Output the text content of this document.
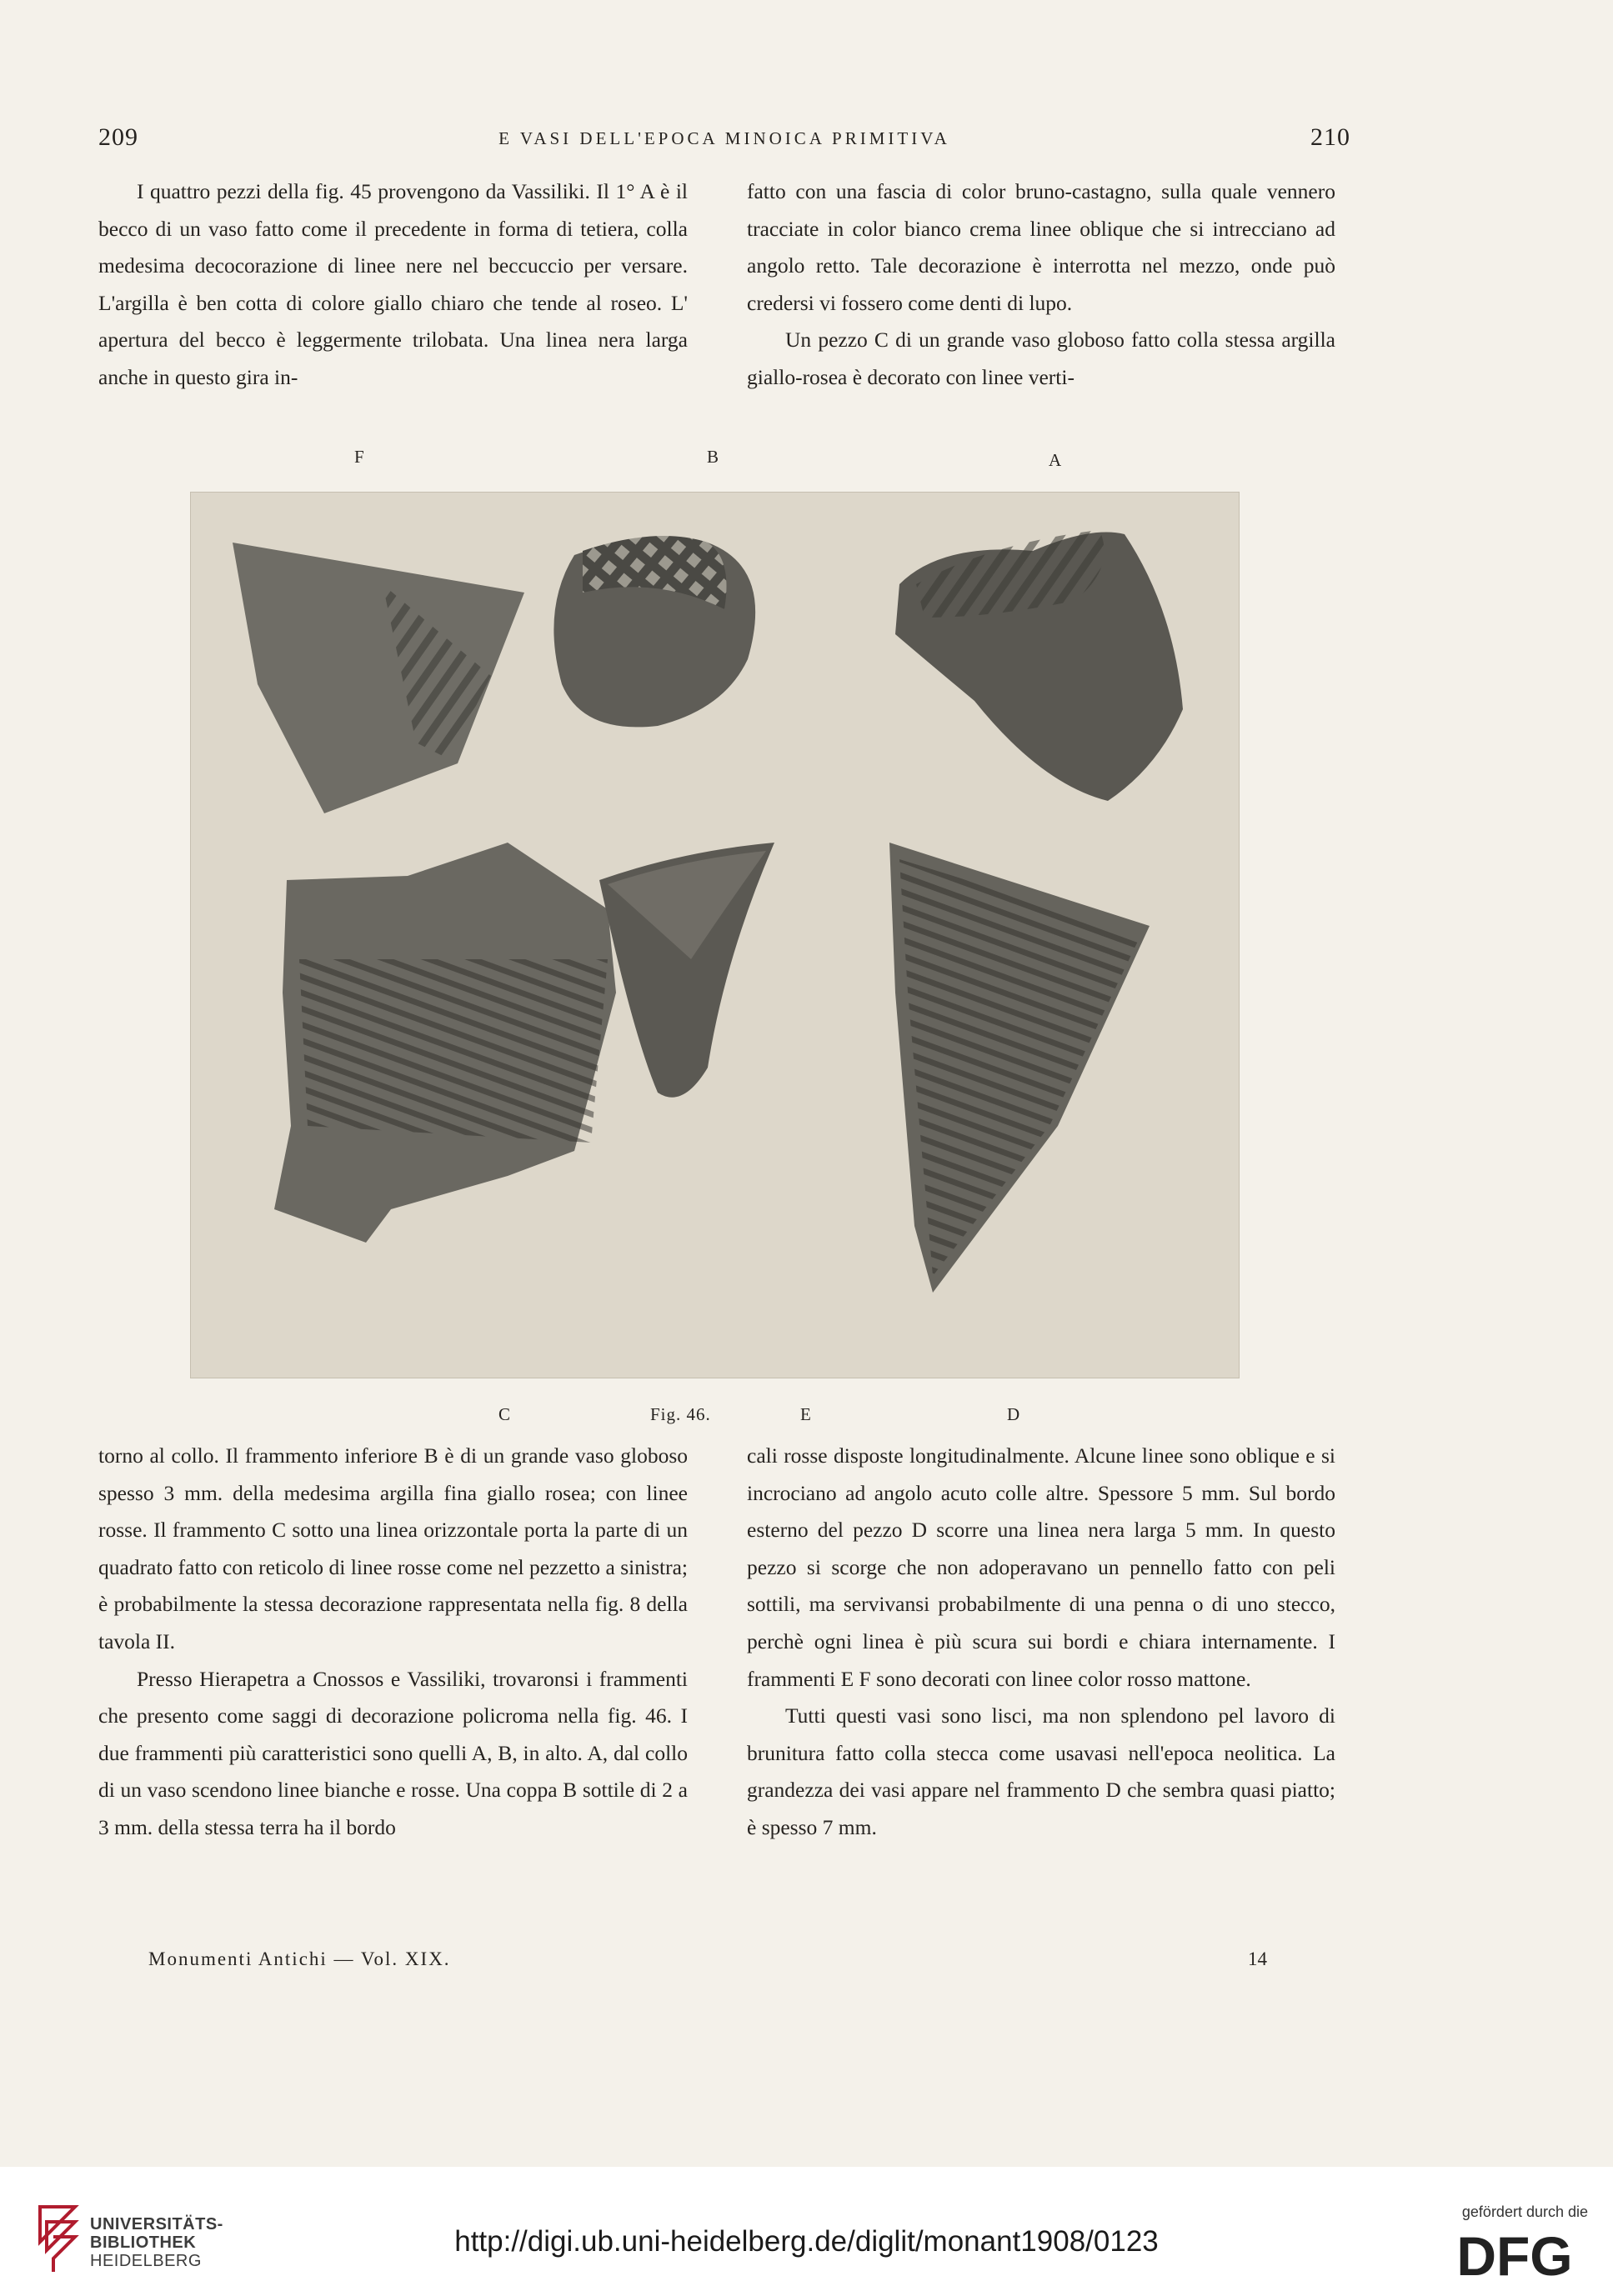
209	E VASI DELL'EPOCA MINOICA PRIMITIVA	210

I quattro pezzi della fig. 45 provengono da Vassiliki. Il 1° A è il becco di un vaso fatto come il precedente in forma di tetiera, colla medesima decocorazione di linee nere nel beccuccio per versare. L'argilla è ben cotta di colore giallo chiaro che tende al roseo. L' apertura del becco è leggermente trilobata. Una linea nera larga anche in questo gira in-

fatto con una fascia di color bruno-castagno, sulla quale vennero tracciate in color bianco crema linee oblique che si intrecciano ad angolo retto. Tale decorazione è interrotta nel mezzo, onde può credersi vi fossero come denti di lupo.

Un pezzo C di un grande vaso globoso fatto colla stessa argilla giallo-rosea è decorato con linee verti-

F	B	A
C	Fig. 46.	E	D

torno al collo. Il frammento inferiore B è di un grande vaso globoso spesso 3 mm. della medesima argilla fina giallo rosea; con linee rosse. Il frammento C sotto una linea orizzontale porta la parte di un quadrato fatto con reticolo di linee rosse come nel pezzetto a sinistra; è probabilmente la stessa decorazione rappresentata nella fig. 8 della tavola II.

Presso Hierapetra a Cnossos e Vassiliki, trovaronsi i frammenti che presento come saggi di decorazione policroma nella fig. 46. I due frammenti più caratteristici sono quelli A, B, in alto. A, dal collo di un vaso scendono linee bianche e rosse. Una coppa B sottile di 2 a 3 mm. della stessa terra ha il bordo

cali rosse disposte longitudinalmente. Alcune linee sono oblique e si incrociano ad angolo acuto colle altre. Spessore 5 mm. Sul bordo esterno del pezzo D scorre una linea nera larga 5 mm. In questo pezzo si scorge che non adoperavano un pennello fatto con peli sottili, ma servivansi probabilmente di una penna o di uno stecco, perchè ogni linea è più scura sui bordi e chiara internamente. I frammenti E F sono decorati con linee color rosso mattone.

Tutti questi vasi sono lisci, ma non splendono pel lavoro di brunitura fatto colla stecca come usavasi nell'epoca neolitica. La grandezza dei vasi appare nel frammento D che sembra quasi piatto; è spesso 7 mm.

Monumenti Antichi — Vol. XIX.	14
UNIVERSITÄTS-
BIBLIOTHEK
HEIDELBERG
http://digi.ub.uni-heidelberg.de/diglit/monant1908/0123
gefördert durch die
DFG
